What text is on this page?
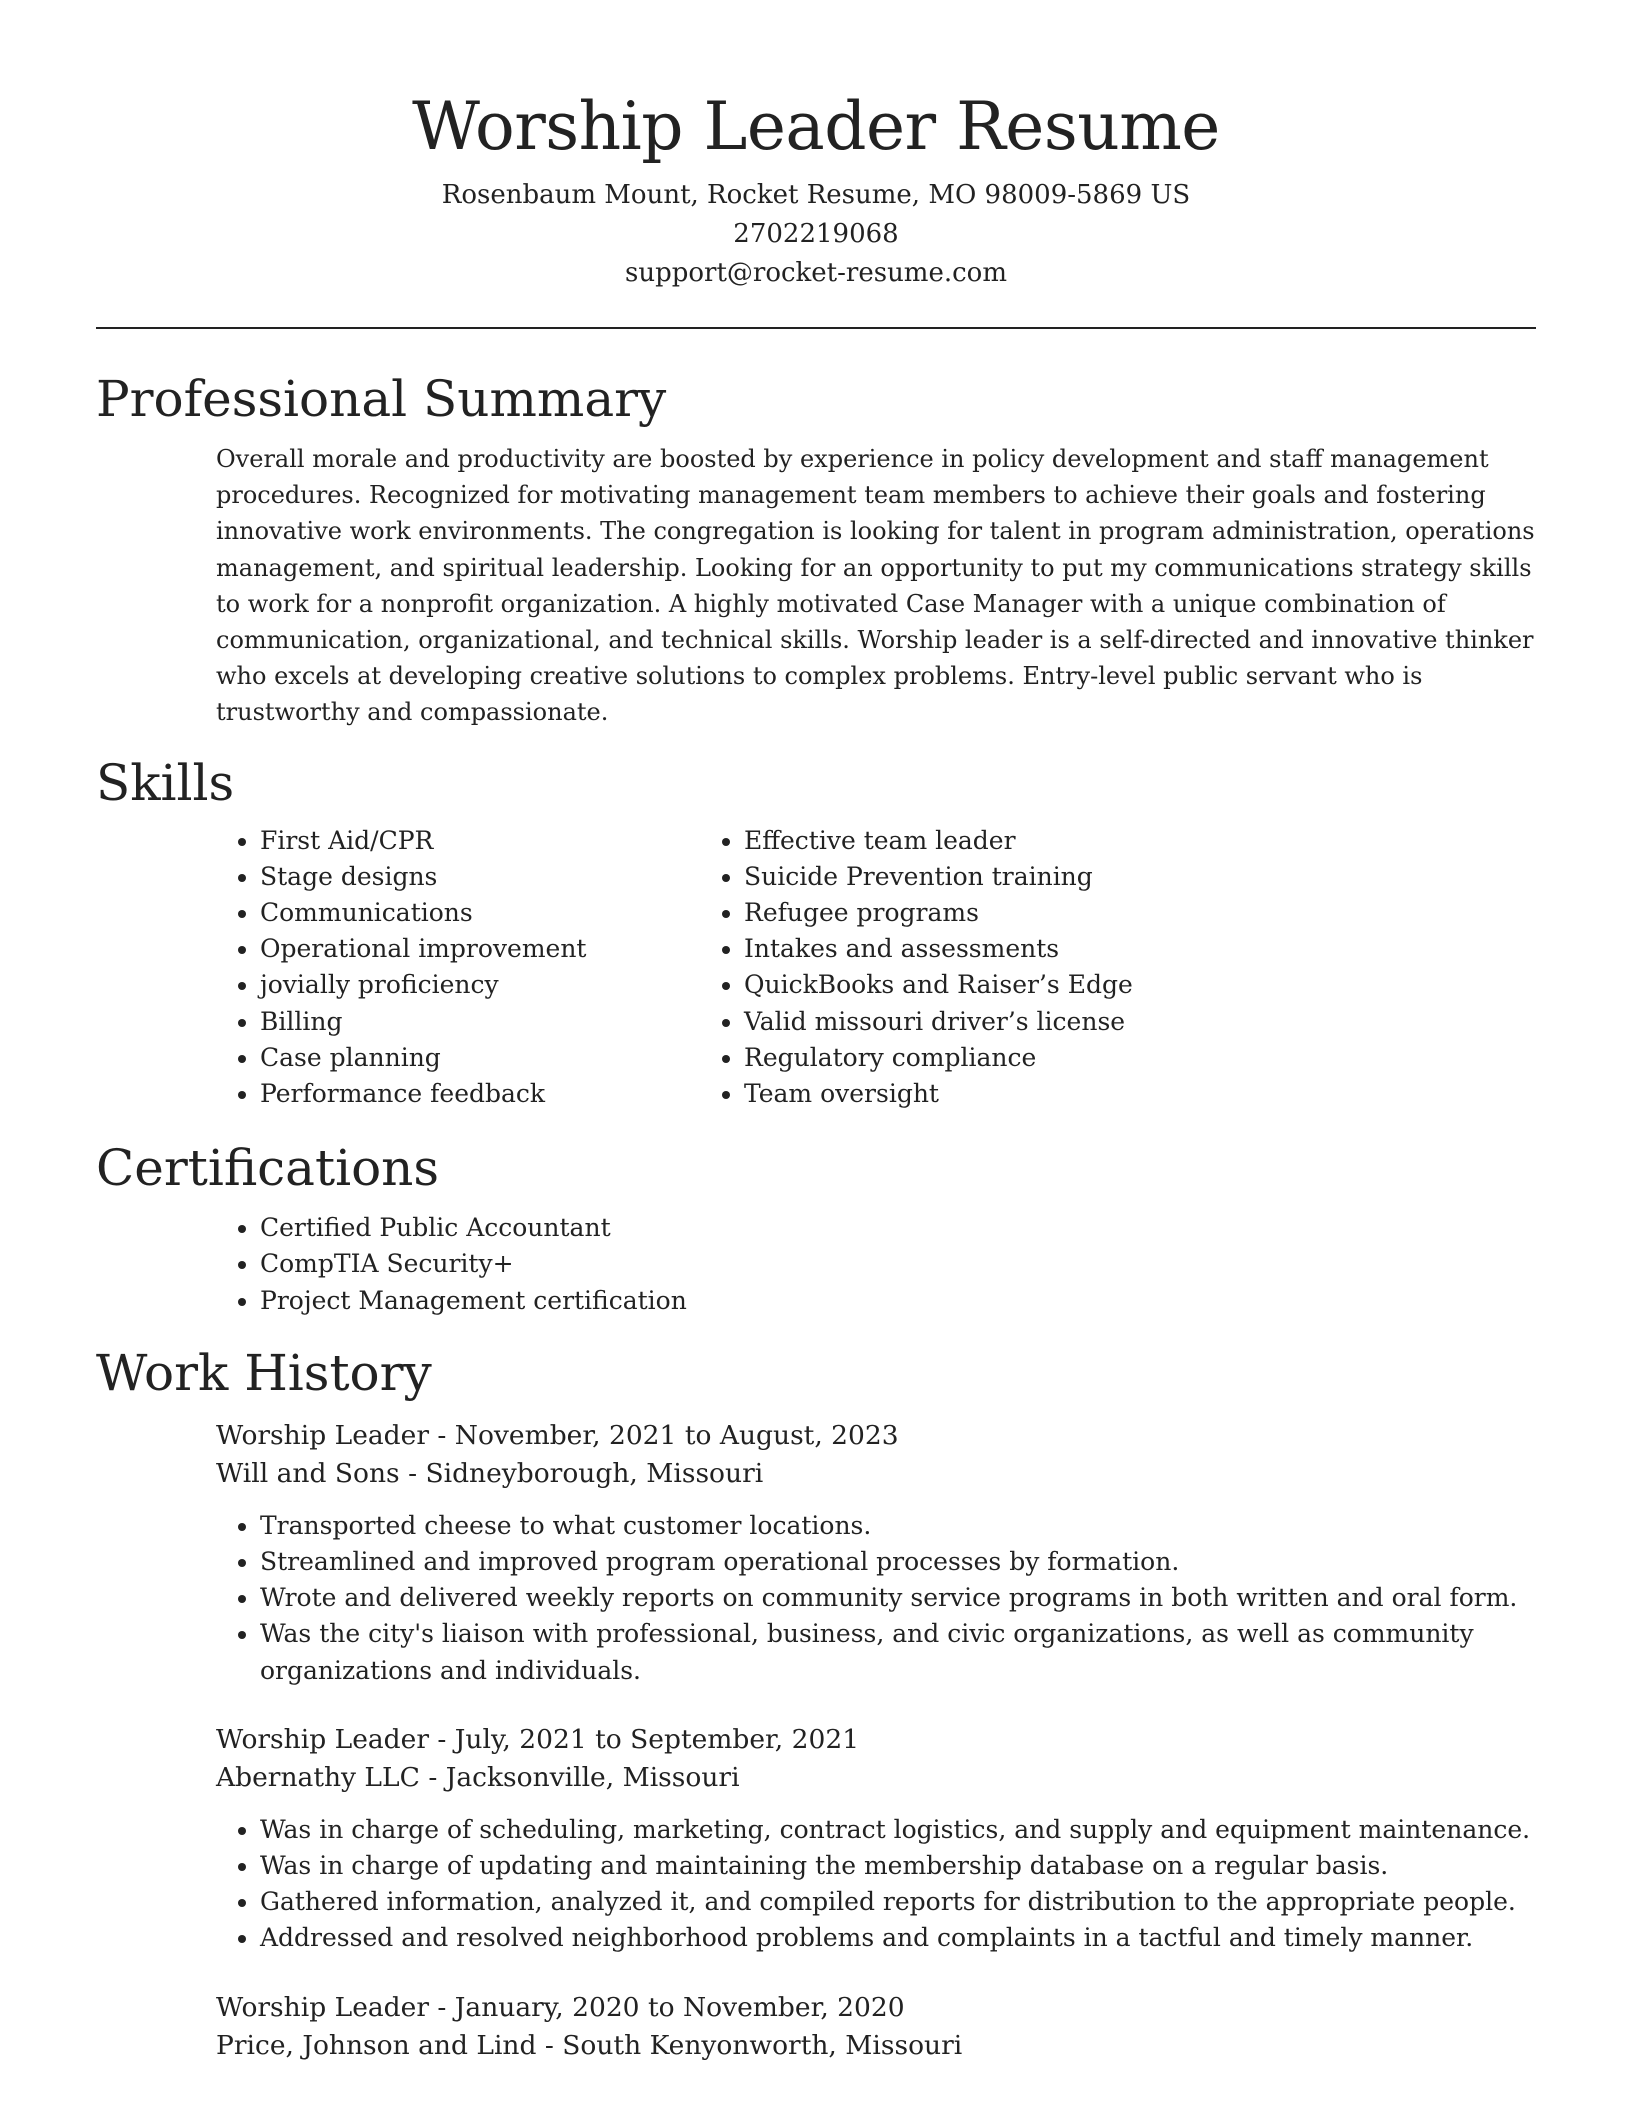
Worship Leader Resume

Rosenbaum Mount, Rocket Resume, MO 98009-5869 US

2702219068

support@rocket-resume.com

Professional Summary

Overall morale and productivity are boosted by experience in policy development and staff management procedures. Recognized for motivating management team members to achieve their goals and fostering innovative work environments. The congregation is looking for talent in program administration, operations management, and spiritual leadership. Looking for an opportunity to put my communications strategy skills to work for a nonprofit organization. A highly motivated Case Manager with a unique combination of communication, organizational, and technical skills. Worship leader is a self-directed and innovative thinker who excels at developing creative solutions to complex problems. Entry-level public servant who is trustworthy and compassionate.

Skills
• First Aid/CPR
• Stage designs
• Communications
• Operational improvement
• jovially proficiency
• Billing
• Case planning
• Performance feedback
• Effective team leader
• Suicide Prevention training
• Refugee programs
• Intakes and assessments
• QuickBooks and Raiser’s Edge
• Valid missouri driver’s license
• Regulatory compliance
• Team oversight
Certifications
• Certified Public Accountant
• CompTIA Security+
• Project Management certification
Work History

Worship Leader - November, 2021 to August, 2023

Will and Sons - Sidneyborough, Missouri

• Transported cheese to what customer locations.
• Streamlined and improved program operational processes by formation.
• Wrote and delivered weekly reports on community service programs in both written and oral form.
• Was the city's liaison with professional, business, and civic organizations, as well as community organizations and individuals.

Worship Leader - July, 2021 to September, 2021

Abernathy LLC - Jacksonville, Missouri

• Was in charge of scheduling, marketing, contract logistics, and supply and equipment maintenance.
• Was in charge of updating and maintaining the membership database on a regular basis.
• Gathered information, analyzed it, and compiled reports for distribution to the appropriate people.
• Addressed and resolved neighborhood problems and complaints in a tactful and timely manner.

Worship Leader - January, 2020 to November, 2020

Price, Johnson and Lind - South Kenyonworth, Missouri
